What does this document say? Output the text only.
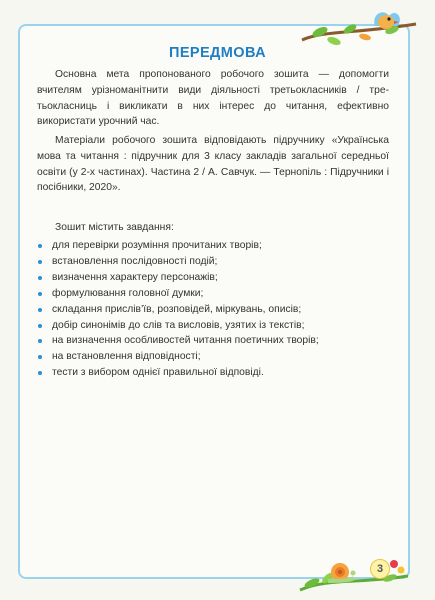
ПЕРЕДМОВА

Основна мета пропонованого робочого зошита — допомогти вчителям урізноманітнити види діяльності третьокласників / третьокласниць і викликати в них інтерес до читання, ефективно використати урочний час.

Матеріали робочого зошита відповідають підручнику «Українська мова та читання : підручник для 3 класу закладів загальної середньої освіти (у 2-х частинах). Частина 2 / А. Савчук. — Тернопіль : Підручники і посібники, 2020».

Зошит містить завдання:
для перевірки розуміння прочитаних творів;
встановлення послідовності подій;
визначення характеру персонажів;
формулювання головної думки;
складання прислів’їв, розповідей, міркувань, описів;
добір синонімів до слів та висловів, узятих із текстів;
на визначення особливостей читання поетичних творів;
на встановлення відповідності;
тести з вибором однієї правильної відповіді.
3
